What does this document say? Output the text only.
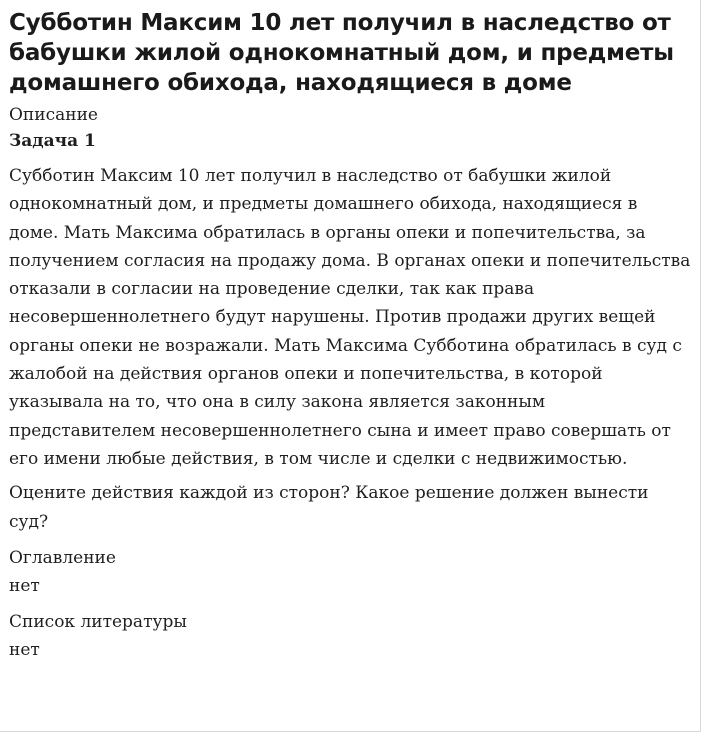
Субботин Максим 10 лет получил в наследство от бабушки жилой однокомнатный дом, и предметы домашнего обихода, находящиеся в доме

Описание

Задача 1

Субботин Максим 10 лет получил в наследство от бабушки жилой однокомнатный дом, и предметы домашнего обихода, находящиеся в доме. Мать Максима обратилась в органы опеки и попечительства, за получением согласия на продажу дома. В органах опеки и попечительства отказали в согласии на проведение сделки, так как права несовершеннолетнего будут нарушены. Против продажи других вещей органы опеки не возражали. Мать Максима Субботина обратилась в суд с жалобой на действия органов опеки и попечительства, в которой указывала на то, что она в силу закона является законным представителем несовершеннолетнего сына и имеет право совершать от его имени любые действия, в том числе и сделки с недвижимостью.

Оцените действия каждой из сторон? Какое решение должен вынести суд?

Оглавление

нет

Список литературы

нет
